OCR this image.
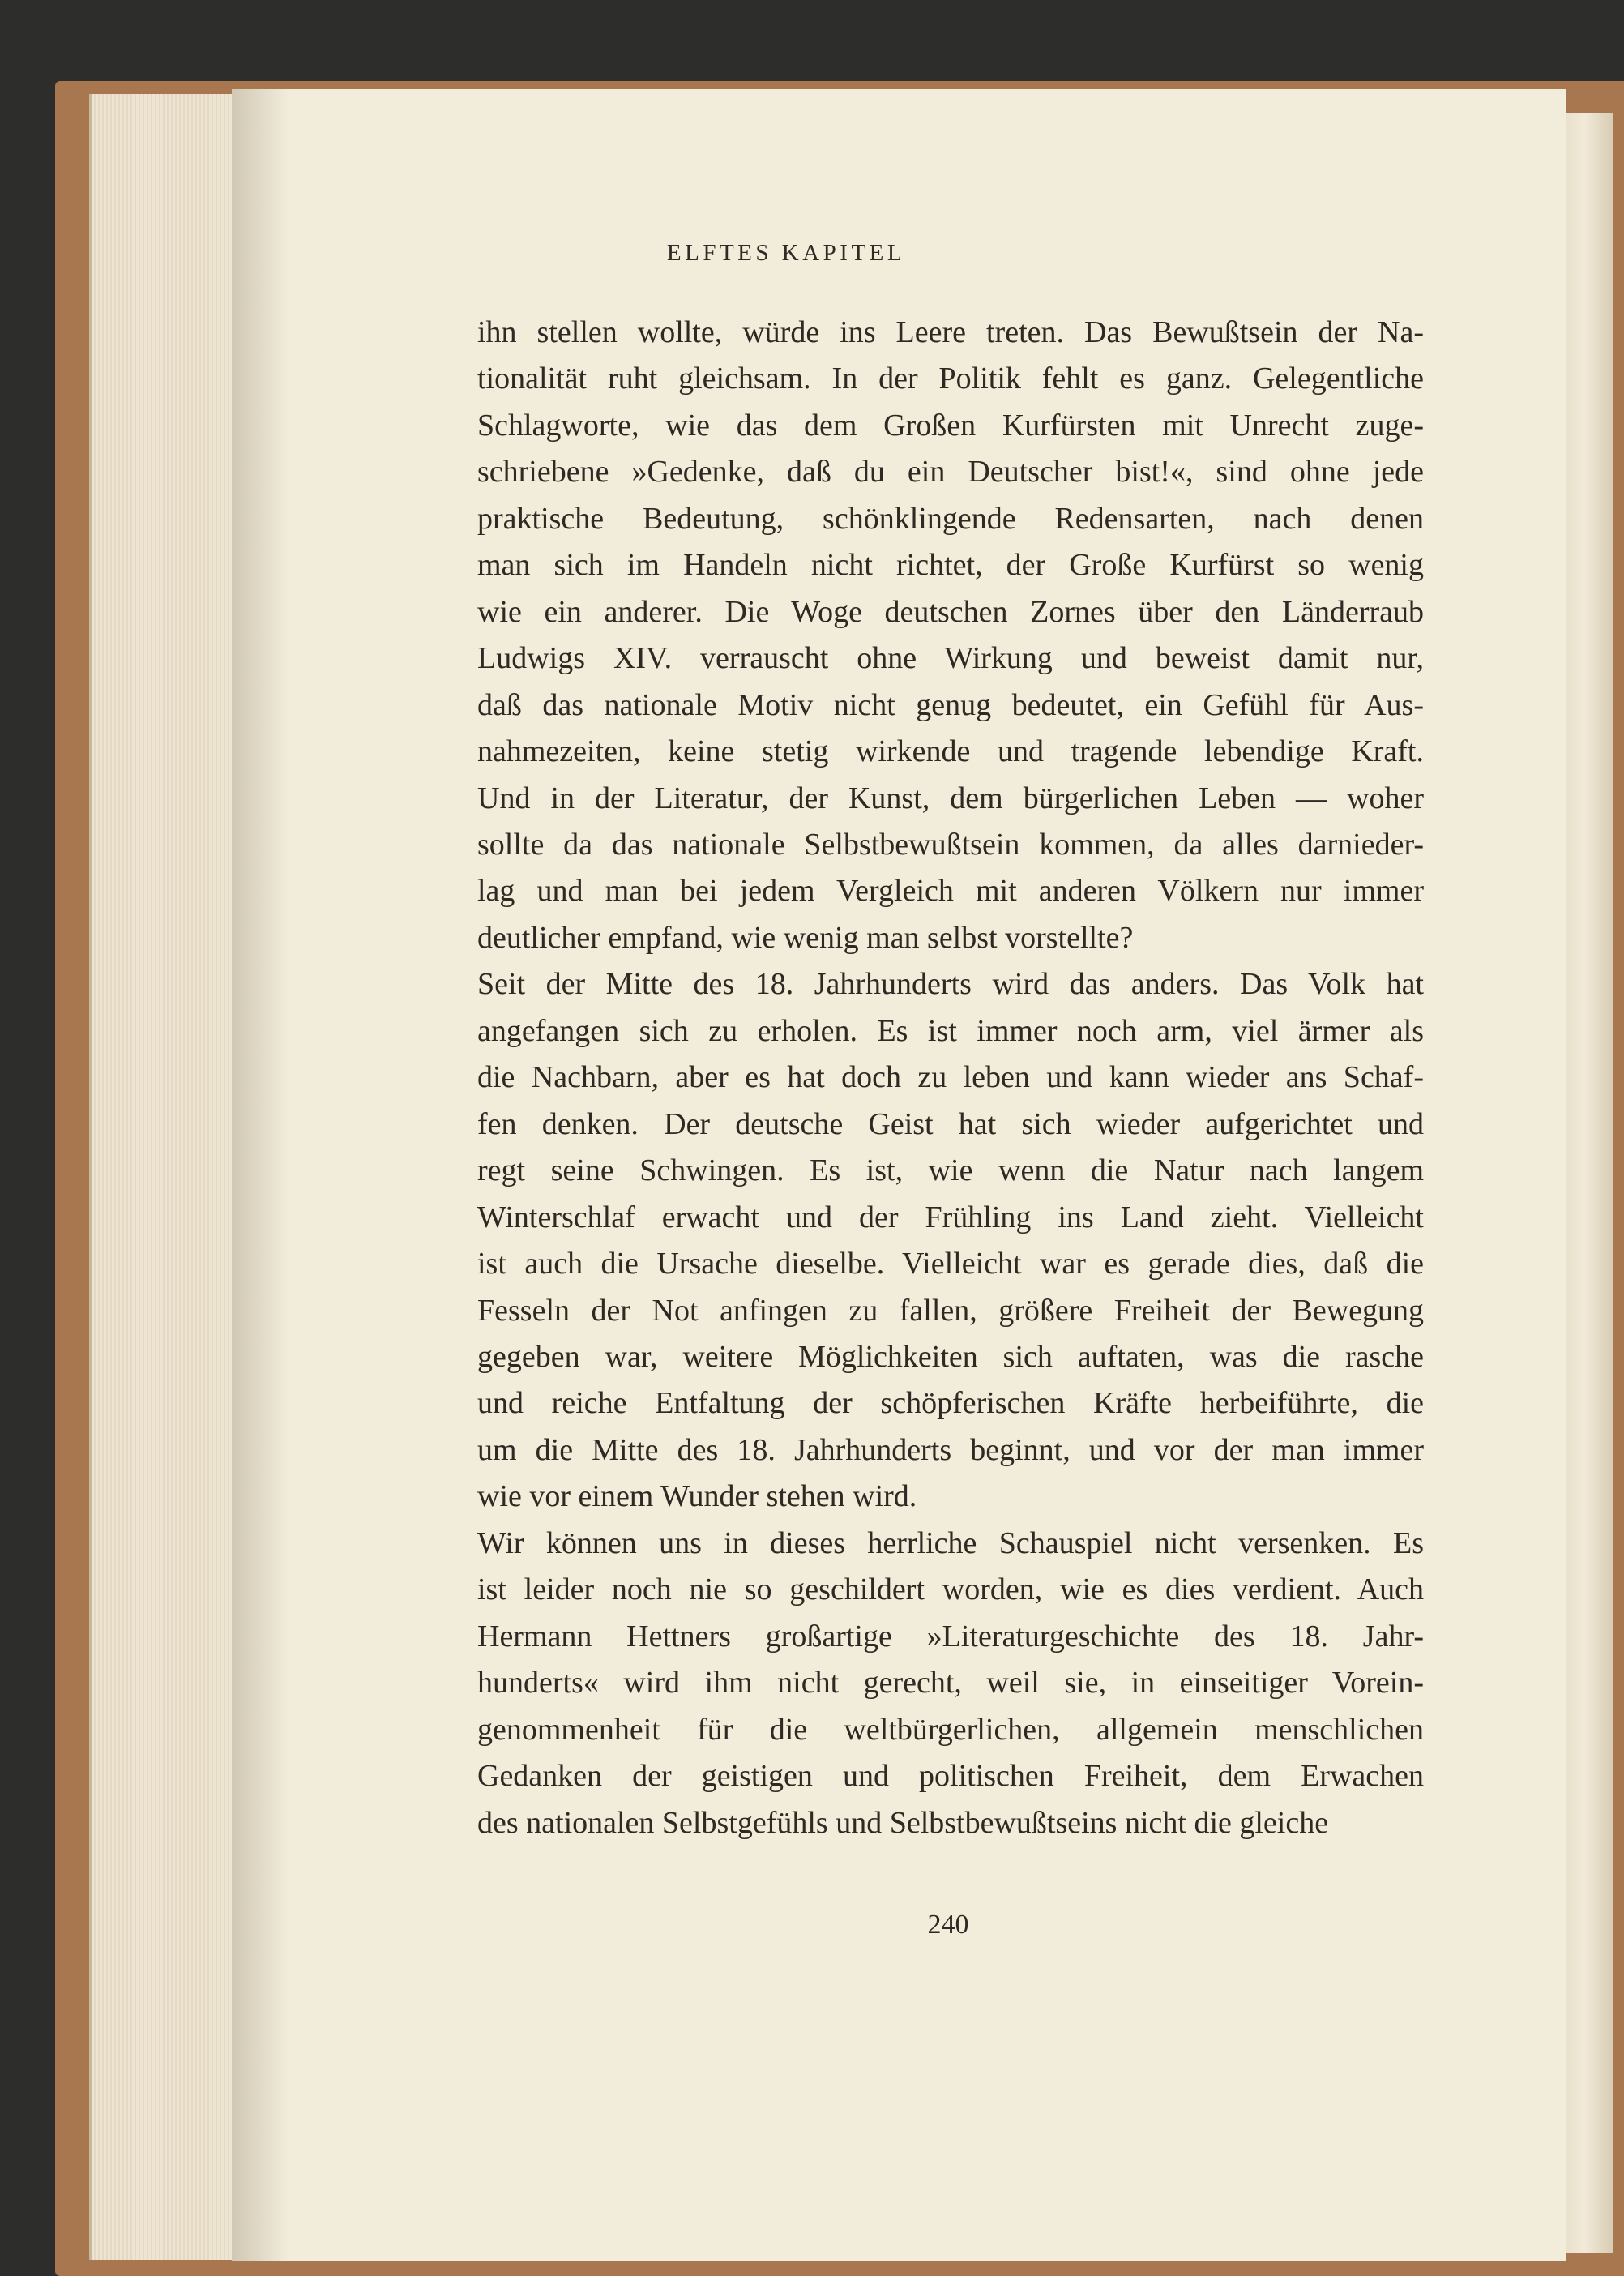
ELFTES KAPITEL

ihn stellen wollte, würde ins Leere treten. Das Bewußtsein der Na-
tionalität ruht gleichsam. In der Politik fehlt es ganz. Gelegentliche
Schlagworte, wie das dem Großen Kurfürsten mit Unrecht zuge-
schriebene »Gedenke, daß du ein Deutscher bist!«, sind ohne jede
praktische Bedeutung, schönklingende Redensarten, nach denen
man sich im Handeln nicht richtet, der Große Kurfürst so wenig
wie ein anderer. Die Woge deutschen Zornes über den Länderraub
Ludwigs XIV. verrauscht ohne Wirkung und beweist damit nur,
daß das nationale Motiv nicht genug bedeutet, ein Gefühl für Aus-
nahmezeiten, keine stetig wirkende und tragende lebendige Kraft.
Und in der Literatur, der Kunst, dem bürgerlichen Leben — woher
sollte da das nationale Selbstbewußtsein kommen, da alles darnieder-
lag und man bei jedem Vergleich mit anderen Völkern nur immer
deutlicher empfand, wie wenig man selbst vorstellte?
Seit der Mitte des 18. Jahrhunderts wird das anders. Das Volk hat
angefangen sich zu erholen. Es ist immer noch arm, viel ärmer als
die Nachbarn, aber es hat doch zu leben und kann wieder ans Schaf-
fen denken. Der deutsche Geist hat sich wieder aufgerichtet und
regt seine Schwingen. Es ist, wie wenn die Natur nach langem
Winterschlaf erwacht und der Frühling ins Land zieht. Vielleicht
ist auch die Ursache dieselbe. Vielleicht war es gerade dies, daß die
Fesseln der Not anfingen zu fallen, größere Freiheit der Bewegung
gegeben war, weitere Möglichkeiten sich auftaten, was die rasche
und reiche Entfaltung der schöpferischen Kräfte herbeiführte, die
um die Mitte des 18. Jahrhunderts beginnt, und vor der man immer
wie vor einem Wunder stehen wird.
Wir können uns in dieses herrliche Schauspiel nicht versenken. Es
ist leider noch nie so geschildert worden, wie es dies verdient. Auch
Hermann Hettners großartige »Literaturgeschichte des 18. Jahr-
hunderts« wird ihm nicht gerecht, weil sie, in einseitiger Vorein-
genommenheit für die weltbürgerlichen, allgemein menschlichen
Gedanken der geistigen und politischen Freiheit, dem Erwachen
des nationalen Selbstgefühls und Selbstbewußtseins nicht die gleiche

240
